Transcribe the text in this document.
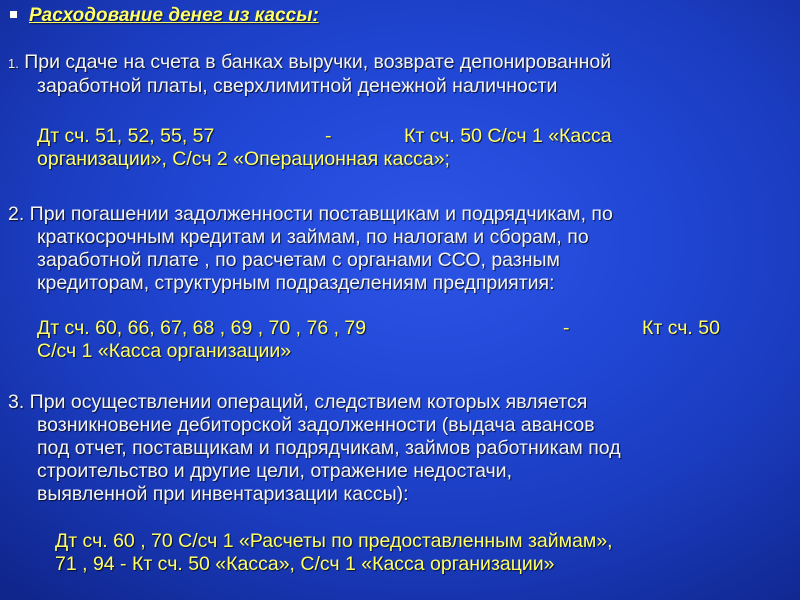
Расходование денег из кассы:
1. При сдаче на счета в банках выручки, возврате депонированной
заработной платы, сверхлимитной денежной наличности
Дт сч. 51, 52, 55, 57	-	Кт сч. 50 С/сч 1 «Касса
организации», С/сч 2 «Операционная касса»;
2. При погашении задолженности поставщикам и подрядчикам, по
краткосрочным кредитам и займам, по налогам и сборам, по
заработной плате , по расчетам с органами ССО, разным
кредиторам, структурным подразделениям предприятия:
Дт сч. 60, 66, 67, 68 , 69 , 70 , 76 , 79	-	Кт сч. 50
С/сч 1 «Касса организации»
3. При осуществлении операций, следствием которых является
возникновение дебиторской задолженности (выдача авансов
под отчет, поставщикам и подрядчикам, займов работникам под
строительство и другие цели, отражение недостачи,
выявленной при инвентаризации кассы):
Дт сч. 60 , 70 С/сч 1 «Расчеты по предоставленным займам»,
71 , 94 - Кт сч. 50 «Касса», С/сч 1 «Касса организации»
